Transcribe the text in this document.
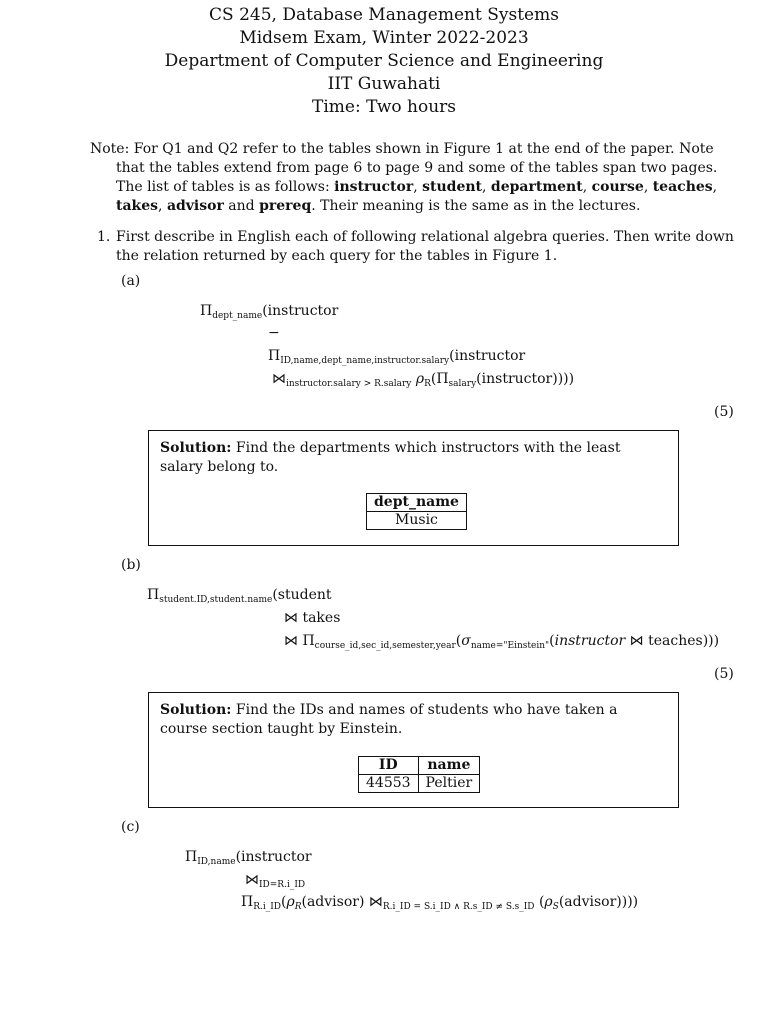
CS 245, Database Management Systems
Midsem Exam, Winter 2022-2023
Department of Computer Science and Engineering
IIT Guwahati
Time: Two hours
Note: For Q1 and Q2 refer to the tables shown in Figure 1 at the end of the paper. Note
that the tables extend from page 6 to page 9 and some of the tables span two pages.
The list of tables is as follows: instructor, student, department, course, teaches,
takes, advisor and prereq. Their meaning is the same as in the lectures.
1. First describe in English each of following relational algebra queries. Then write down
the relation returned by each query for the tables in Figure 1.
(a)
$\Pi_{dept\_name}(instructor$
−
$\Pi_{ID,name,dept\_name,instructor.salary}(instructor$
$⋈_{instructor.salary > R.salary}$ $\rho_R(\Pi_{salary}(instructor))$))
(5)
Solution: Find the departments which instructors with the least salary belong to.
dept_name
Music
(b)
$\Pi_{student.ID,student.name}(student$
⋈ takes
⋈ $\Pi_{course\_id,sec\_id,semester,year}(\sigma_{name="Einstein"}(instructor$ ⋈ teaches)))
(5)
Solution: Find the IDs and names of students who have taken a course section taught by Einstein.
ID	name
44553	Peltier
(c)
$\Pi_{ID,name}(instructor$
$⋈_{ID=R.i\_ID}$
$\Pi_{R.i\_ID}(\rho_R(advisor)$ $⋈_{R.i\_ID = S.i\_ID \wedge R.s\_ID \ne S.s\_ID}$ $(\rho_S(advisor))$))
